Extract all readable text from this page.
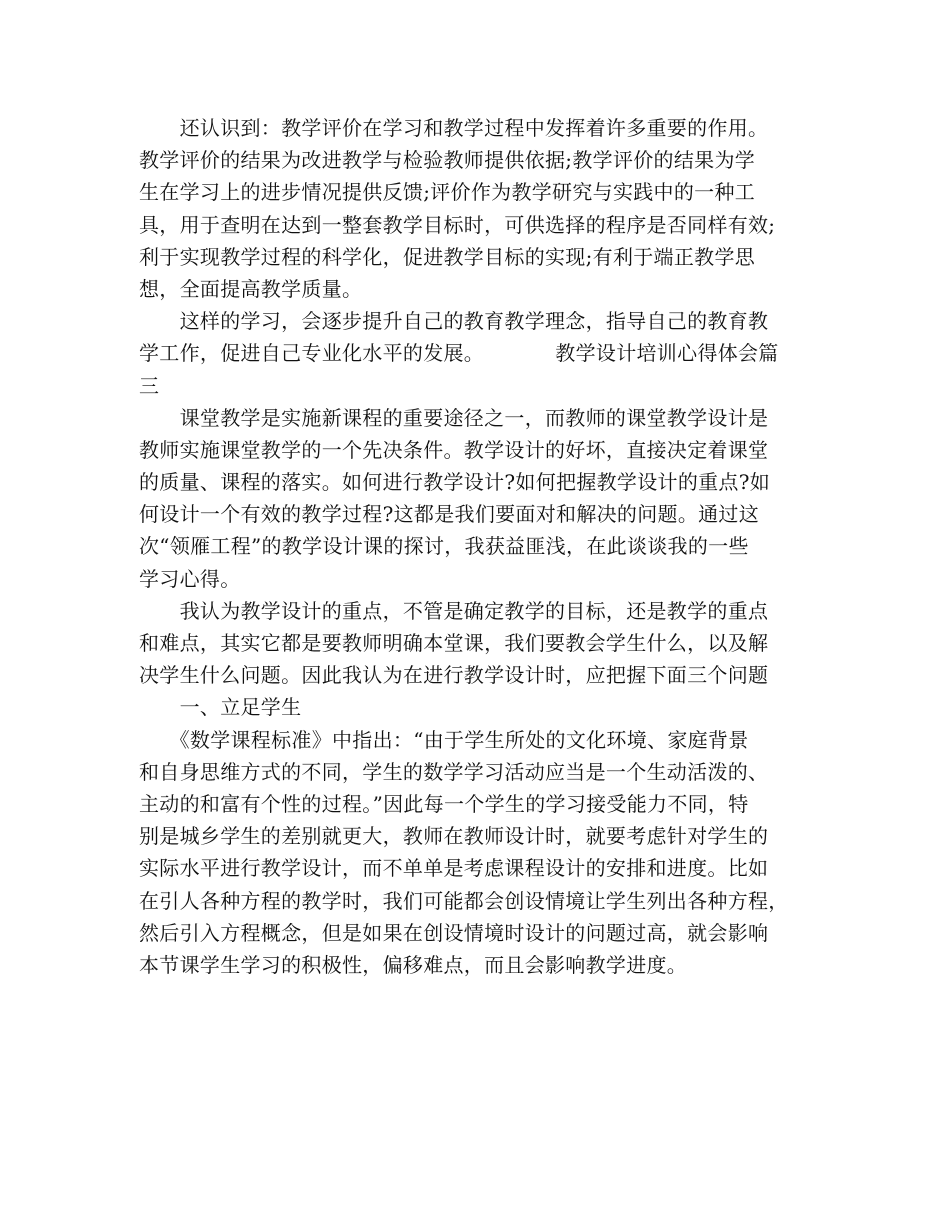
　　还认识到：教学评价在学习和教学过程中发挥着许多重要的作用。
教学评价的结果为改进教学与检验教师提供依据;教学评价的结果为学
生在学习上的进步情况提供反馈;评价作为教学研究与实践中的一种工
具，用于查明在达到一整套教学目标时，可供选择的程序是否同样有效;
利于实现教学过程的科学化，促进教学目标的实现;有利于端正教学思
想，全面提高教学质量。
　　这样的学习，会逐步提升自己的教育教学理念，指导自己的教育教
学工作，促进自己专业化水平的发展。　　　　教学设计培训心得体会篇
三
　　课堂教学是实施新课程的重要途径之一，而教师的课堂教学设计是
教师实施课堂教学的一个先决条件。教学设计的好坏，直接决定着课堂
的质量、课程的落实。如何进行教学设计?如何把握教学设计的重点?如
何设计一个有效的教学过程?这都是我们要面对和解决的问题。通过这
次“领雁工程”的教学设计课的探讨，我获益匪浅，在此谈谈我的一些
学习心得。
　　我认为教学设计的重点，不管是确定教学的目标，还是教学的重点
和难点，其实它都是要教师明确本堂课，我们要教会学生什么，以及解
决学生什么问题。因此我认为在进行教学设计时，应把握下面三个问题
　　一、立足学生
　　《数学课程标准》中指出：“由于学生所处的文化环境、家庭背景
和自身思维方式的不同，学生的数学学习活动应当是一个生动活泼的、
主动的和富有个性的过程。”因此每一个学生的学习接受能力不同，特
别是城乡学生的差别就更大，教师在教师设计时，就要考虑针对学生的
实际水平进行教学设计，而不单单是考虑课程设计的安排和进度。比如
在引人各种方程的教学时，我们可能都会创设情境让学生列出各种方程，
然后引入方程概念，但是如果在创设情境时设计的问题过高，就会影响
本节课学生学习的积极性，偏移难点，而且会影响教学进度。
